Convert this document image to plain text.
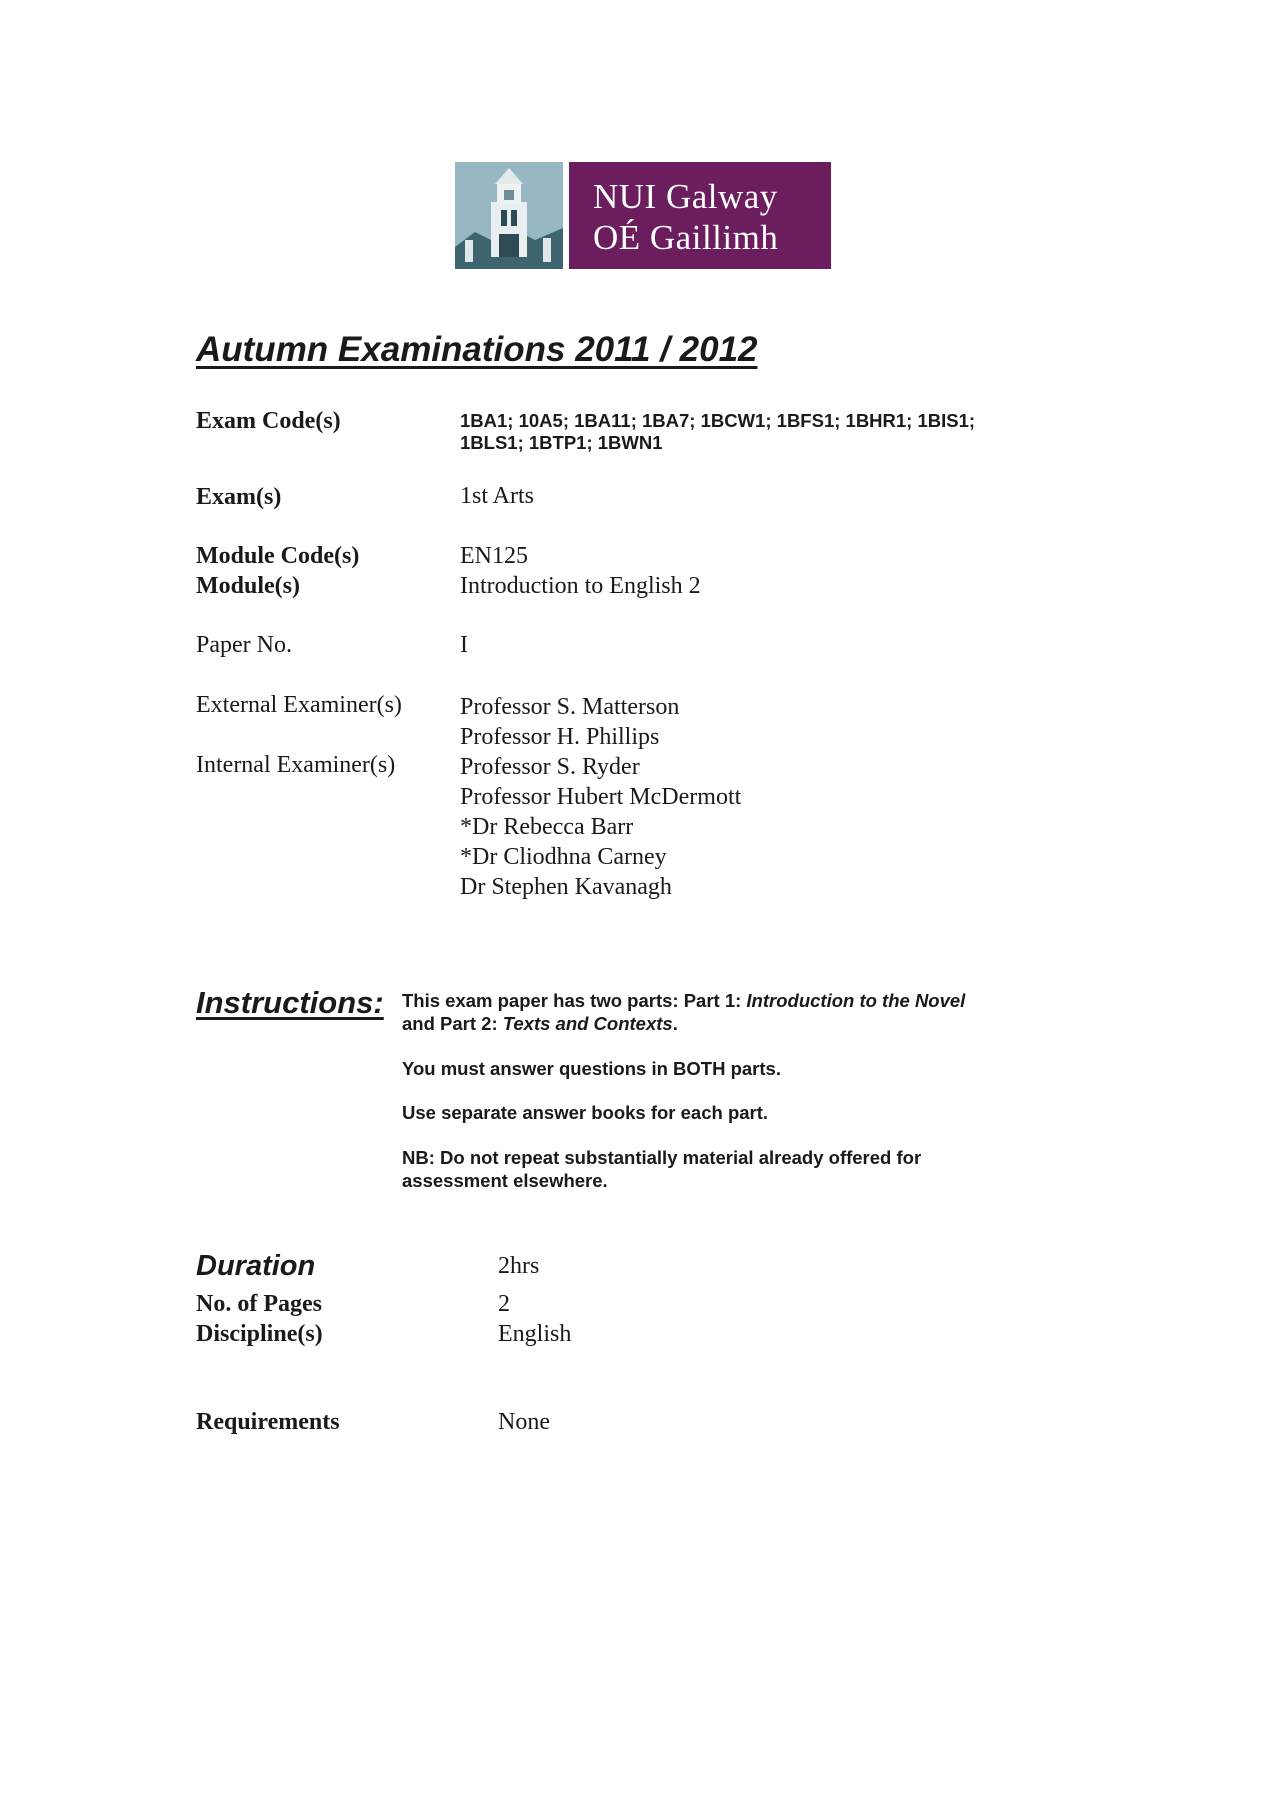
NUI Galway
OÉ Gaillimh
Autumn Examinations 2011 / 2012
Exam Code(s)	1BA1; 10A5; 1BA11; 1BA7; 1BCW1; 1BFS1; 1BHR1; 1BIS1;
1BLS1; 1BTP1; 1BWN1
Exam(s)	1st Arts
Module Code(s)	EN125
Module(s)	Introduction to English 2
Paper No.	I
External Examiner(s) Professor S. Matterson
Professor H. Phillips
Internal Examiner(s)	Professor S. Ryder
Professor Hubert McDermott
*Dr Rebecca Barr
*Dr Cliodhna Carney
Dr Stephen Kavanagh
Instructions: This exam paper has two parts: Part 1: Introduction to the Novel
and Part 2: Texts and Contexts.
You must answer questions in BOTH parts.
Use separate answer books for each part.
NB: Do not repeat substantially material already offered for
assessment elsewhere.
Duration	2hrs
No. of Pages	2
Discipline(s)	English
Requirements	None
